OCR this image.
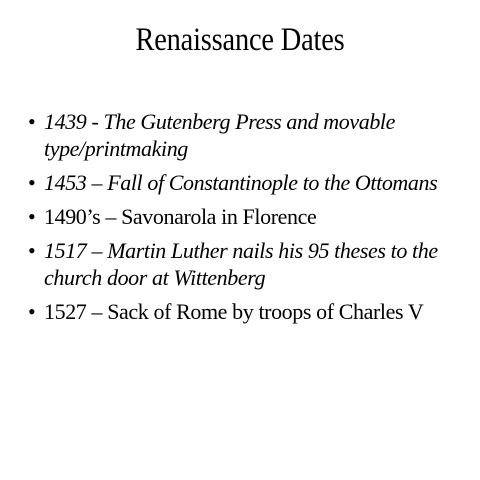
Renaissance Dates
• 1439 - The Gutenberg Press and movable type/printmaking
• 1453 – Fall of Constantinople to the Ottomans
• 1490’s – Savonarola in Florence
• 1517 – Martin Luther nails his 95 theses to the church door at Wittenberg
• 1527 – Sack of Rome by troops of Charles V
